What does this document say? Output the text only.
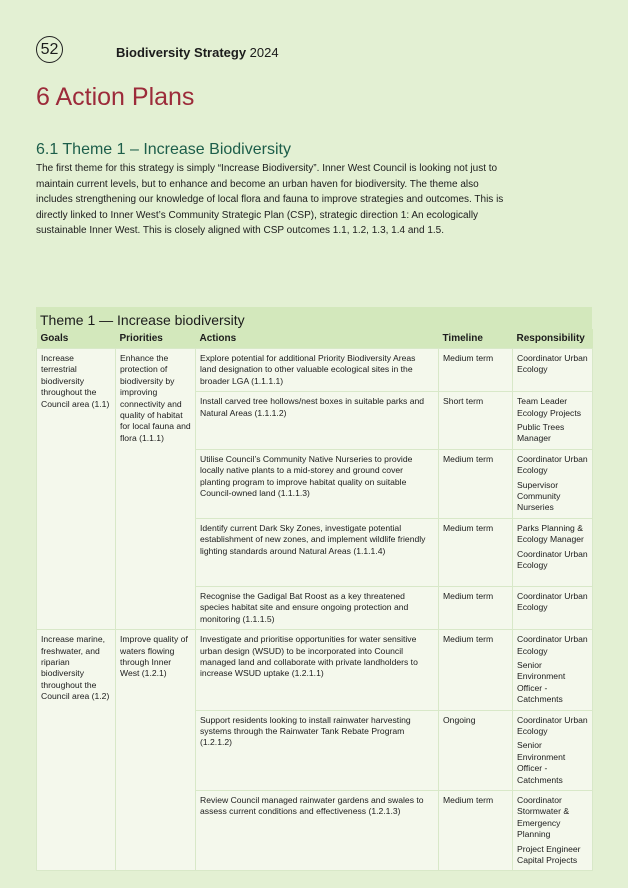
52	Biodiversity Strategy 2024
6 Action Plans
6.1 Theme 1 – Increase Biodiversity

The first theme for this strategy is simply “Increase Biodiversity”. Inner West Council is looking not just to maintain current levels, but to enhance and become an urban haven for biodiversity. The theme also includes strengthening our knowledge of local flora and fauna to improve strategies and outcomes. This is directly linked to Inner West’s Community Strategic Plan (CSP), strategic direction 1: An ecologically sustainable Inner West. This is closely aligned with CSP outcomes 1.1, 1.2, 1.3, 1.4 and 1.5.

Theme 1 — Increase biodiversity
Goals	Priorities	Actions	Timeline	Responsibility
Increase terrestrial biodiversity throughout the Council area (1.1)	Enhance the protection of biodiversity by improving connectivity and quality of habitat for local fauna and flora (1.1.1)	Explore potential for additional Priority Biodiversity Areas land designation to other valuable ecological sites in the broader LGA (1.1.1.1)	Medium term	Coordinator Urban Ecology

		Install carved tree hollows/nest boxes in suitable parks and Natural Areas (1.1.1.2)	Short term	Team Leader Ecology Projects
Public Trees Manager

		Utilise Council’s Community Native Nurseries to provide locally native plants to a mid-storey and ground cover planting program to improve habitat quality on suitable Council-owned land (1.1.1.3)	Medium term	Coordinator Urban Ecology
Supervisor Community Nurseries

		Identify current Dark Sky Zones, investigate potential establishment of new zones, and implement wildlife friendly lighting standards around Natural Areas (1.1.1.4)	Medium term	Parks Planning & Ecology Manager
Coordinator Urban Ecology

		Recognise the Gadigal Bat Roost as a key threatened species habitat site and ensure ongoing protection and monitoring (1.1.1.5)	Medium term	Coordinator Urban Ecology

Increase marine, freshwater, and riparian biodiversity throughout the Council area (1.2)	Improve quality of waters flowing through Inner West (1.2.1)	Investigate and prioritise opportunities for water sensitive urban design (WSUD) to be incorporated into Council managed land and collaborate with private landholders to increase WSUD uptake (1.2.1.1)	Medium term	Coordinator Urban Ecology
Senior Environment Officer - Catchments

		Support residents looking to install rainwater harvesting systems through the Rainwater Tank Rebate Program (1.2.1.2)	Ongoing	Coordinator Urban Ecology
Senior Environment Officer - Catchments

		Review Council managed rainwater gardens and swales to assess current conditions and effectiveness (1.2.1.3)	Medium term	Coordinator Stormwater & Emergency Planning
Project Engineer Capital Projects
